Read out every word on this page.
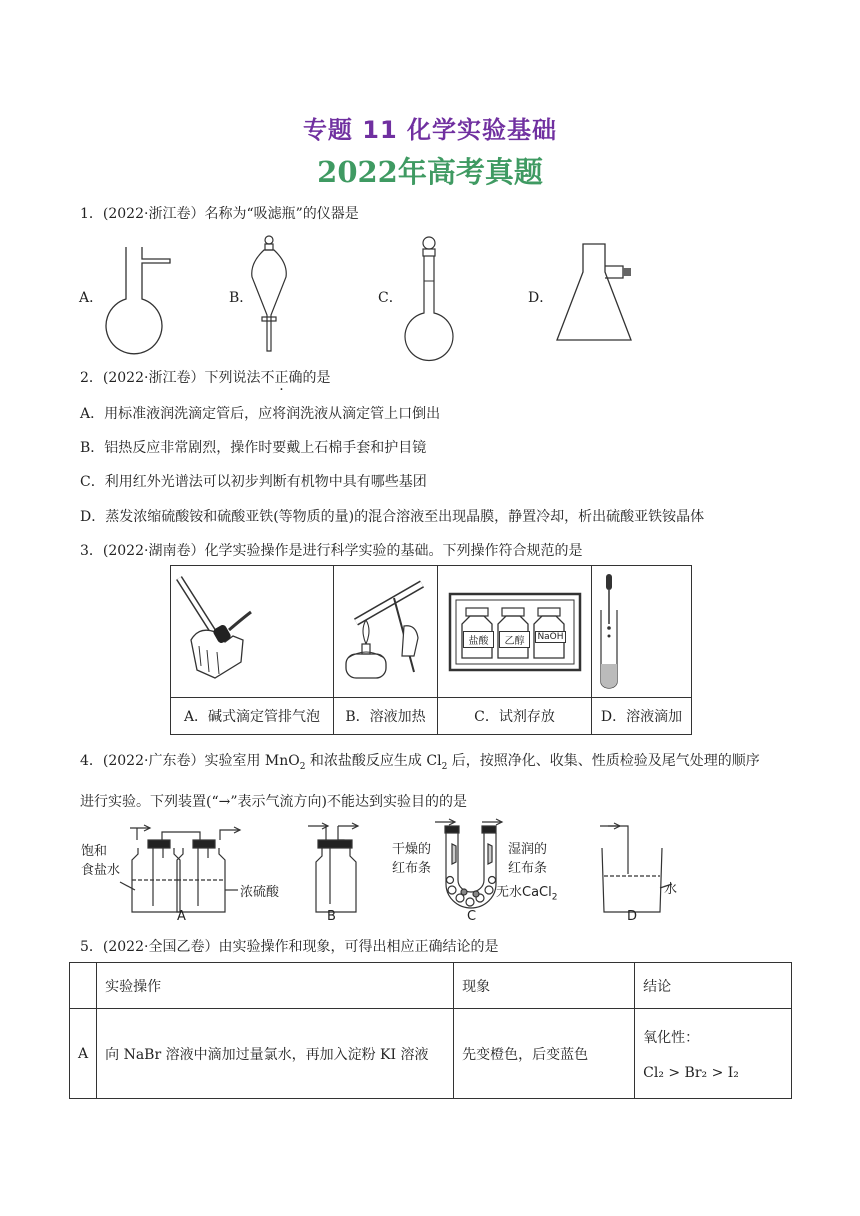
专题 11 化学实验基础
2022年高考真题
1．(2022·浙江卷）名称为“吸滤瓶”的仪器是
A．	B．	C．	D．
2．(2022·浙江卷）下列说法不正确的是
A．用标准液润洗滴定管后，应将润洗液从滴定管上口倒出
B．铝热反应非常剧烈，操作时要戴上石棉手套和护目镜
C．利用红外光谱法可以初步判断有机物中具有哪些基团
D．蒸发浓缩硫酸铵和硫酸亚铁(等物质的量)的混合溶液至出现晶膜，静置冷却，析出硫酸亚铁铵晶体
3．(2022·湖南卷）化学实验操作是进行科学实验的基础。下列操作符合规范的是

盐酸 乙醇 NaOH

A．碱式滴定管排气泡	B．溶液加热	C．试剂存放	D．溶液滴加
4．(2022·广东卷）实验室用 MnO$_2$ 和浓盐酸反应生成 $Cl_2$ 后，按照净化、收集、性质检验及尾气处理的顺序
进行实验。下列装置(“→”表示气流方向)不能达到实验目的的是
饱和
食盐水
浓硫酸
干燥的
红布条
湿润的
红布条
无水CaCl$_2$
水
A	B	C	D
5．(2022·全国乙卷）由实验操作和现象，可得出相应正确结论的是
	实验操作	现象	结论
A	向 NaBr 溶液中滴加过量氯水，再加入淀粉 KI 溶液	先变橙色，后变蓝色	氧化性：
Cl₂ > Br₂ > I₂
